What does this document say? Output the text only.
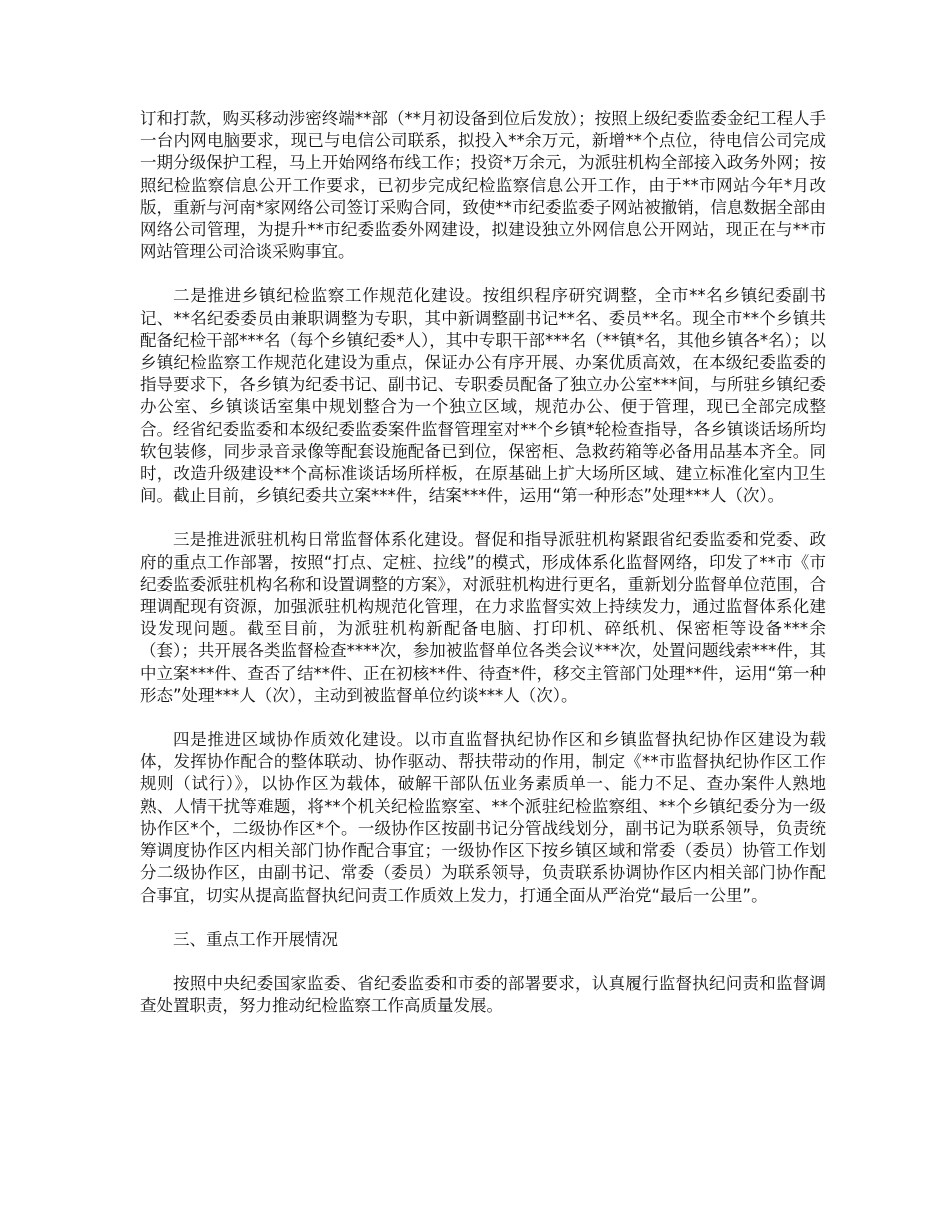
订和打款，购买移动涉密终端**部（**月初设备到位后发放）；按照上级纪委监委金纪工程人手一台内网电脑要求，现已与电信公司联系，拟投入**余万元，新增**个点位，待电信公司完成一期分级保护工程，马上开始网络布线工作；投资*万余元，为派驻机构全部接入政务外网；按照纪检监察信息公开工作要求，已初步完成纪检监察信息公开工作，由于**市网站今年*月改版，重新与河南*家网络公司签订采购合同，致使**市纪委监委子网站被撤销，信息数据全部由网络公司管理，为提升**市纪委监委外网建设，拟建设独立外网信息公开网站，现正在与**市网站管理公司洽谈采购事宜。

二是推进乡镇纪检监察工作规范化建设。按组织程序研究调整，全市**名乡镇纪委副书记、**名纪委委员由兼职调整为专职，其中新调整副书记**名、委员**名。现全市**个乡镇共配备纪检干部***名（每个乡镇纪委*人），其中专职干部***名（**镇*名，其他乡镇各*名）；以乡镇纪检监察工作规范化建设为重点，保证办公有序开展、办案优质高效，在本级纪委监委的指导要求下，各乡镇为纪委书记、副书记、专职委员配备了独立办公室***间，与所驻乡镇纪委办公室、乡镇谈话室集中规划整合为一个独立区域，规范办公、便于管理，现已全部完成整合。经省纪委监委和本级纪委监委案件监督管理室对**个乡镇*轮检查指导，各乡镇谈话场所均软包装修，同步录音录像等配套设施配备已到位，保密柜、急救药箱等必备用品基本齐全。同时，改造升级建设**个高标准谈话场所样板，在原基础上扩大场所区域、建立标准化室内卫生间。截止目前，乡镇纪委共立案***件，结案***件，运用“第一种形态”处理***人（次）。

三是推进派驻机构日常监督体系化建设。督促和指导派驻机构紧跟省纪委监委和党委、政府的重点工作部署，按照“打点、定桩、拉线”的模式，形成体系化监督网络，印发了**市《市纪委监委派驻机构名称和设置调整的方案》，对派驻机构进行更名，重新划分监督单位范围，合理调配现有资源，加强派驻机构规范化管理，在力求监督实效上持续发力，通过监督体系化建设发现问题。截至目前，为派驻机构新配备电脑、打印机、碎纸机、保密柜等设备***余（套）；共开展各类监督检查****次，参加被监督单位各类会议***次，处置问题线索***件，其中立案***件、查否了结**件、正在初核**件、待查*件，移交主管部门处理**件，运用“第一种形态”处理***人（次），主动到被监督单位约谈***人（次）。

四是推进区域协作质效化建设。以市直监督执纪协作区和乡镇监督执纪协作区建设为载体，发挥协作配合的整体联动、协作驱动、帮扶带动的作用，制定《**市监督执纪协作区工作规则（试行）》，以协作区为载体，破解干部队伍业务素质单一、能力不足、查办案件人熟地熟、人情干扰等难题，将**个机关纪检监察室、**个派驻纪检监察组、**个乡镇纪委分为一级协作区*个，二级协作区*个。一级协作区按副书记分管战线划分，副书记为联系领导，负责统筹调度协作区内相关部门协作配合事宜；一级协作区下按乡镇区域和常委（委员）协管工作划分二级协作区，由副书记、常委（委员）为联系领导，负责联系协调协作区内相关部门协作配合事宜，切实从提高监督执纪问责工作质效上发力，打通全面从严治党“最后一公里”。

三、重点工作开展情况

按照中央纪委国家监委、省纪委监委和市委的部署要求，认真履行监督执纪问责和监督调查处置职责，努力推动纪检监察工作高质量发展。
